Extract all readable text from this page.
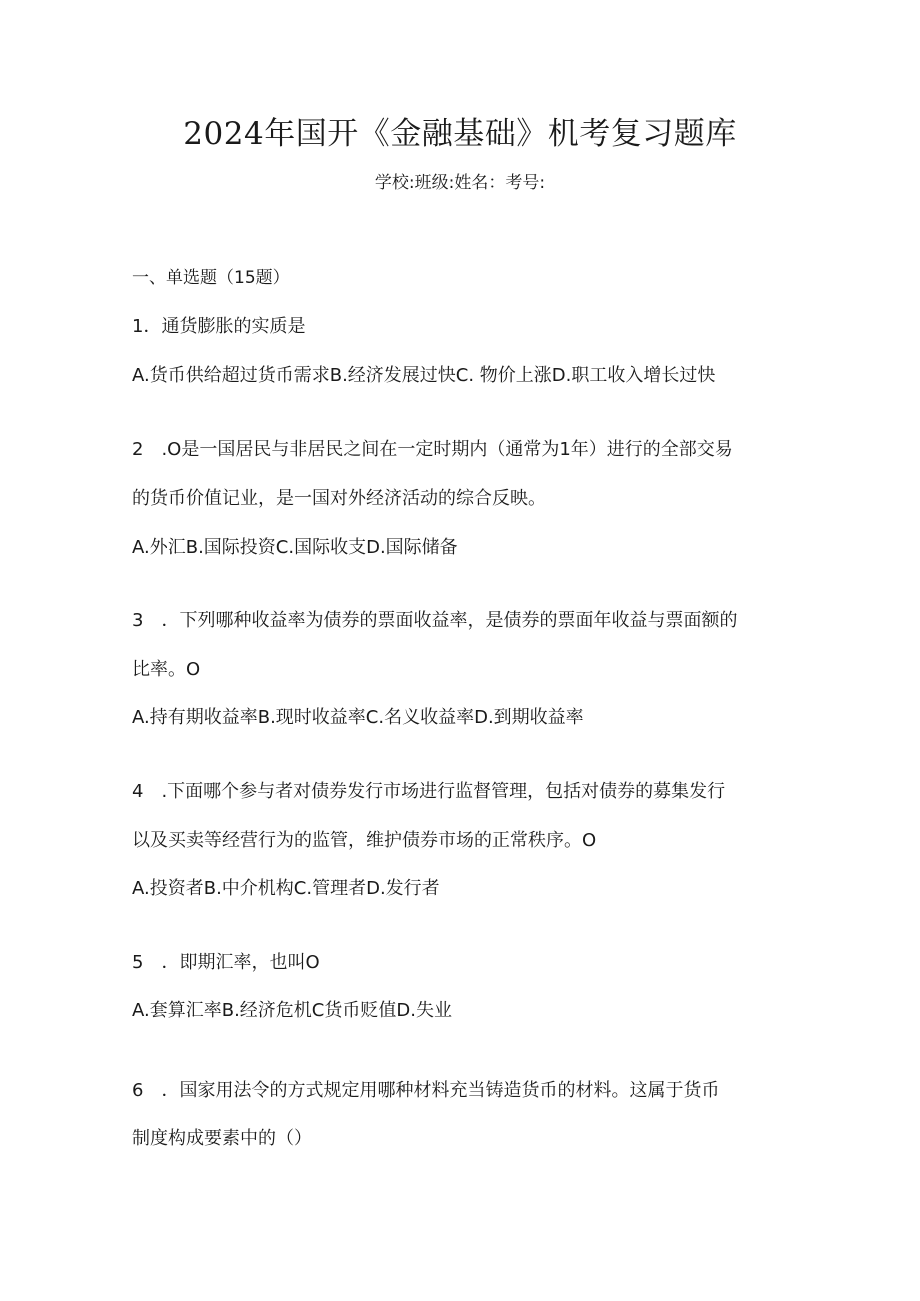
2024年国开《金融基础》机考复习题库
学校:班级:姓名：考号:
一、单选题（15题）
1．通货膨胀的实质是
A.货币供给超过货币需求B.经济发展过快C. 物价上涨D.职工收入增长过快
2　.O是一国居民与非居民之间在一定时期内（通常为1年）进行的全部交易
的货币价值记业，是一国对外经济活动的综合反映。
A.外汇B.国际投资C.国际收支D.国际储备
3　．下列哪种收益率为债券的票面收益率，是债券的票面年收益与票面额的
比率。O
A.持有期收益率B.现时收益率C.名义收益率D.到期收益率
4　.下面哪个参与者对债券发行市场进行监督管理，包括对债券的募集发行
以及买卖等经营行为的监管，维护债券市场的正常秩序。O
A.投资者B.中介机构C.管理者D.发行者
5　．即期汇率，也叫O
A.套算汇率B.经济危机C货币贬值D.失业
6　．国家用法令的方式规定用哪种材料充当铸造货币的材料。这属于货币
制度构成要素中的（）
